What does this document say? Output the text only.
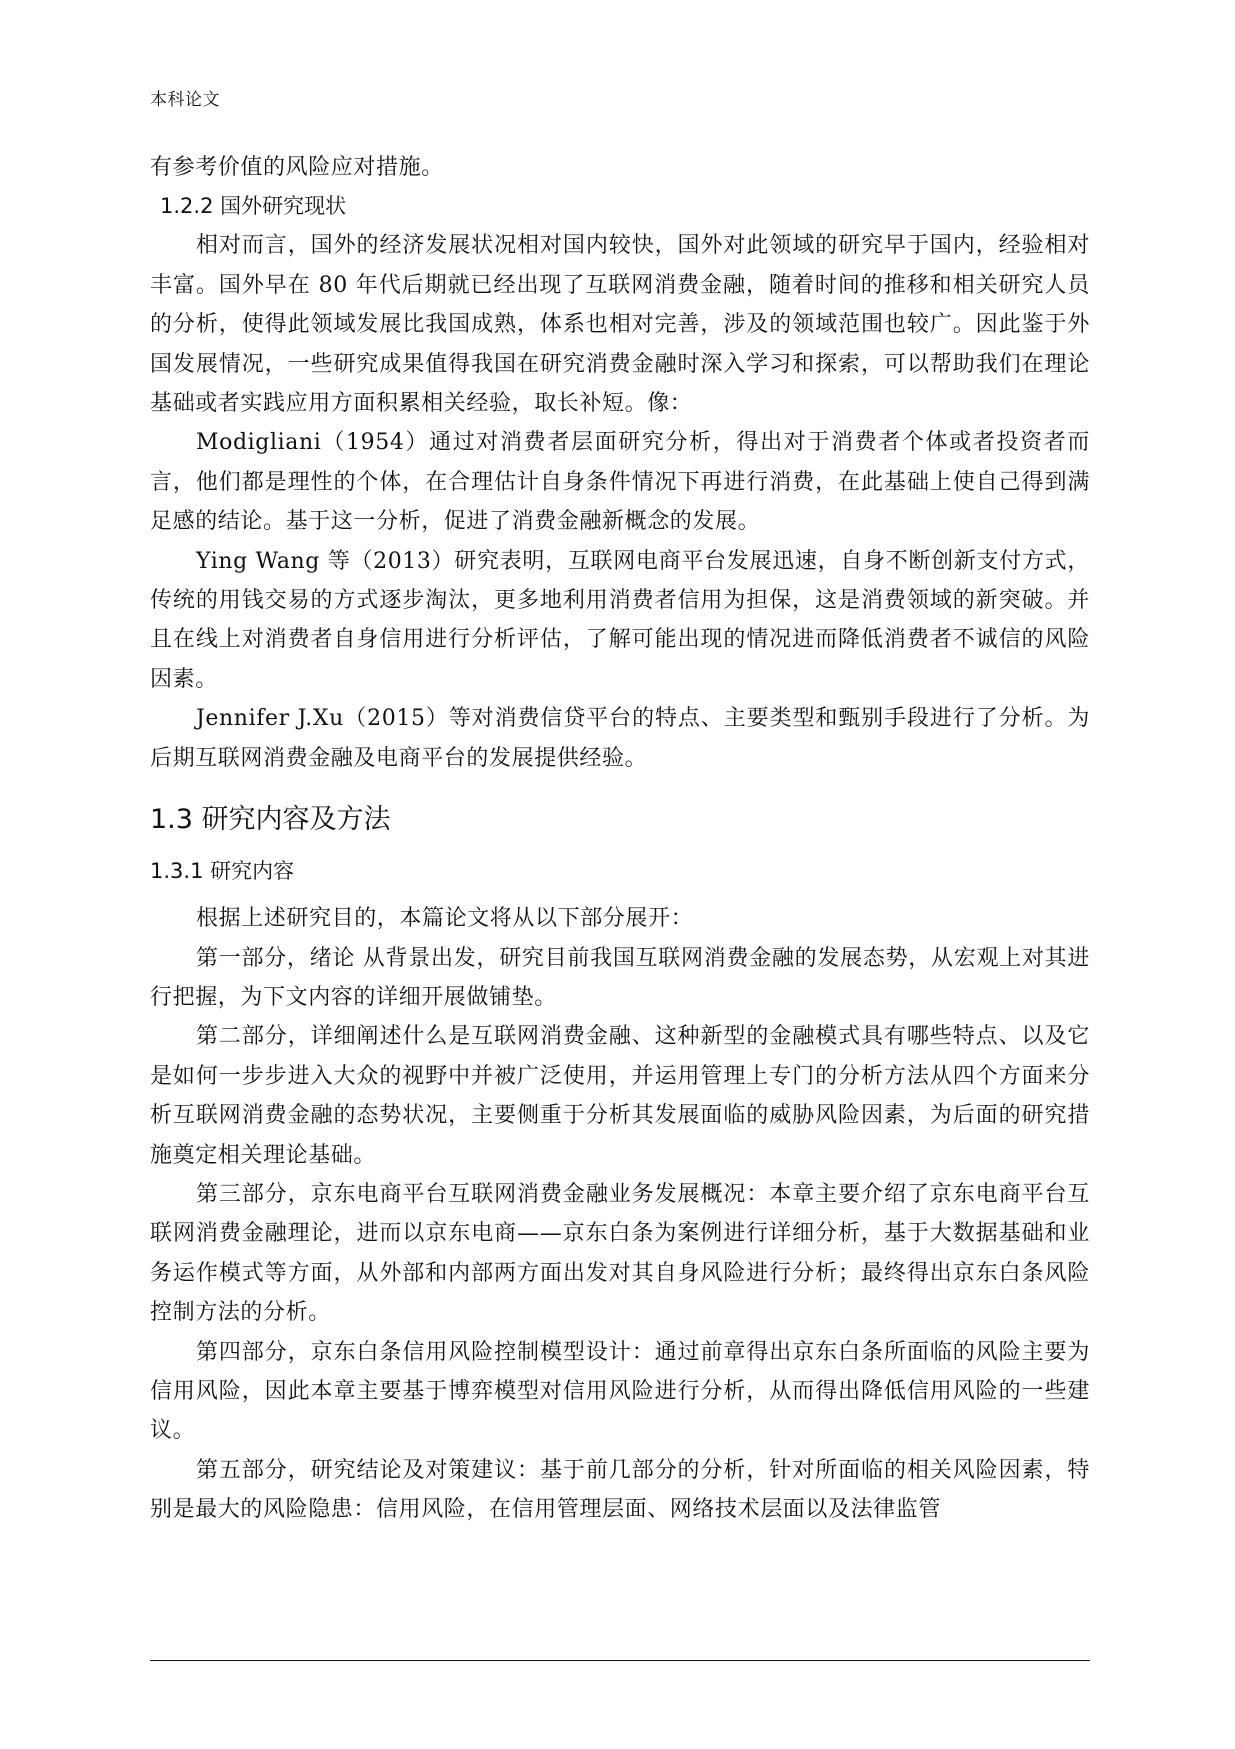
本科论文

有参考价值的风险应对措施。

1.2.2 国外研究现状

相对而言，国外的经济发展状况相对国内较快，国外对此领域的研究早于国内，经验相对丰富。国外早在 80 年代后期就已经出现了互联网消费金融，随着时间的推移和相关研究人员的分析，使得此领域发展比我国成熟，体系也相对完善，涉及的领域范围也较广。因此鉴于外国发展情况，一些研究成果值得我国在研究消费金融时深入学习和探索，可以帮助我们在理论基础或者实践应用方面积累相关经验，取长补短。像：

Modigliani（1954）通过对消费者层面研究分析，得出对于消费者个体或者投资者而言，他们都是理性的个体，在合理估计自身条件情况下再进行消费，在此基础上使自己得到满足感的结论。基于这一分析，促进了消费金融新概念的发展。

Ying Wang 等（2013）研究表明，互联网电商平台发展迅速，自身不断创新支付方式，传统的用钱交易的方式逐步淘汰，更多地利用消费者信用为担保，这是消费领域的新突破。并且在线上对消费者自身信用进行分析评估，了解可能出现的情况进而降低消费者不诚信的风险因素。

Jennifer J.Xu（2015）等对消费信贷平台的特点、主要类型和甄别手段进行了分析。为后期互联网消费金融及电商平台的发展提供经验。

1.3 研究内容及方法
1.3.1 研究内容

根据上述研究目的，本篇论文将从以下部分展开：

第一部分，绪论 从背景出发，研究目前我国互联网消费金融的发展态势，从宏观上对其进行把握，为下文内容的详细开展做铺垫。

第二部分，详细阐述什么是互联网消费金融、这种新型的金融模式具有哪些特点、以及它是如何一步步进入大众的视野中并被广泛使用，并运用管理上专门的分析方法从四个方面来分析互联网消费金融的态势状况，主要侧重于分析其发展面临的威胁风险因素，为后面的研究措施奠定相关理论基础。

第三部分，京东电商平台互联网消费金融业务发展概况：本章主要介绍了京东电商平台互联网消费金融理论，进而以京东电商——京东白条为案例进行详细分析，基于大数据基础和业务运作模式等方面，从外部和内部两方面出发对其自身风险进行分析；最终得出京东白条风险控制方法的分析。

第四部分，京东白条信用风险控制模型设计：通过前章得出京东白条所面临的风险主要为信用风险，因此本章主要基于博弈模型对信用风险进行分析，从而得出降低信用风险的一些建议。

第五部分，研究结论及对策建议：基于前几部分的分析，针对所面临的相关风险因素，特别是最大的风险隐患：信用风险，在信用管理层面、网络技术层面以及法律监管
